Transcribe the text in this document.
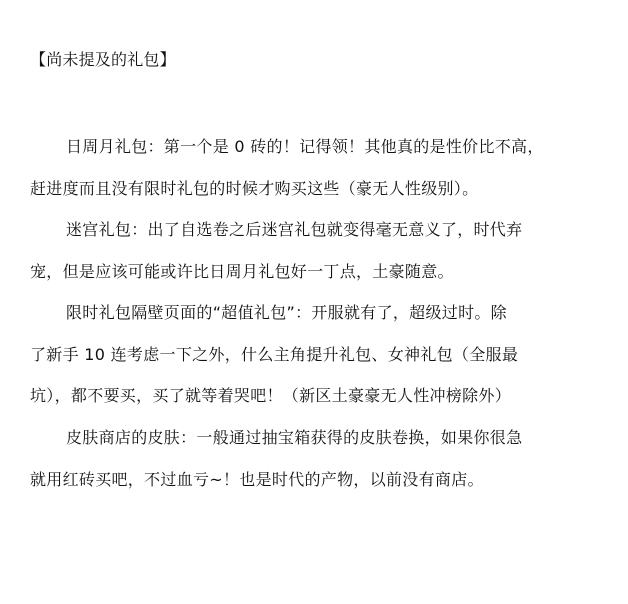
【尚未提及的礼包】

日周月礼包：第一个是 0 砖的！记得领！其他真的是性价比不高，
赶进度而且没有限时礼包的时候才购买这些（豪无人性级别）。

迷宫礼包：出了自选卷之后迷宫礼包就变得毫无意义了，时代弃
宠，但是应该可能或许比日周月礼包好一丁点，土豪随意。

限时礼包隔壁页面的“超值礼包”：开服就有了，超级过时。除
了新手 10 连考虑一下之外，什么主角提升礼包、女神礼包（全服最
坑），都不要买，买了就等着哭吧！（新区土豪豪无人性冲榜除外）

皮肤商店的皮肤：一般通过抽宝箱获得的皮肤卷换，如果你很急
就用红砖买吧，不过血亏~！也是时代的产物，以前没有商店。
